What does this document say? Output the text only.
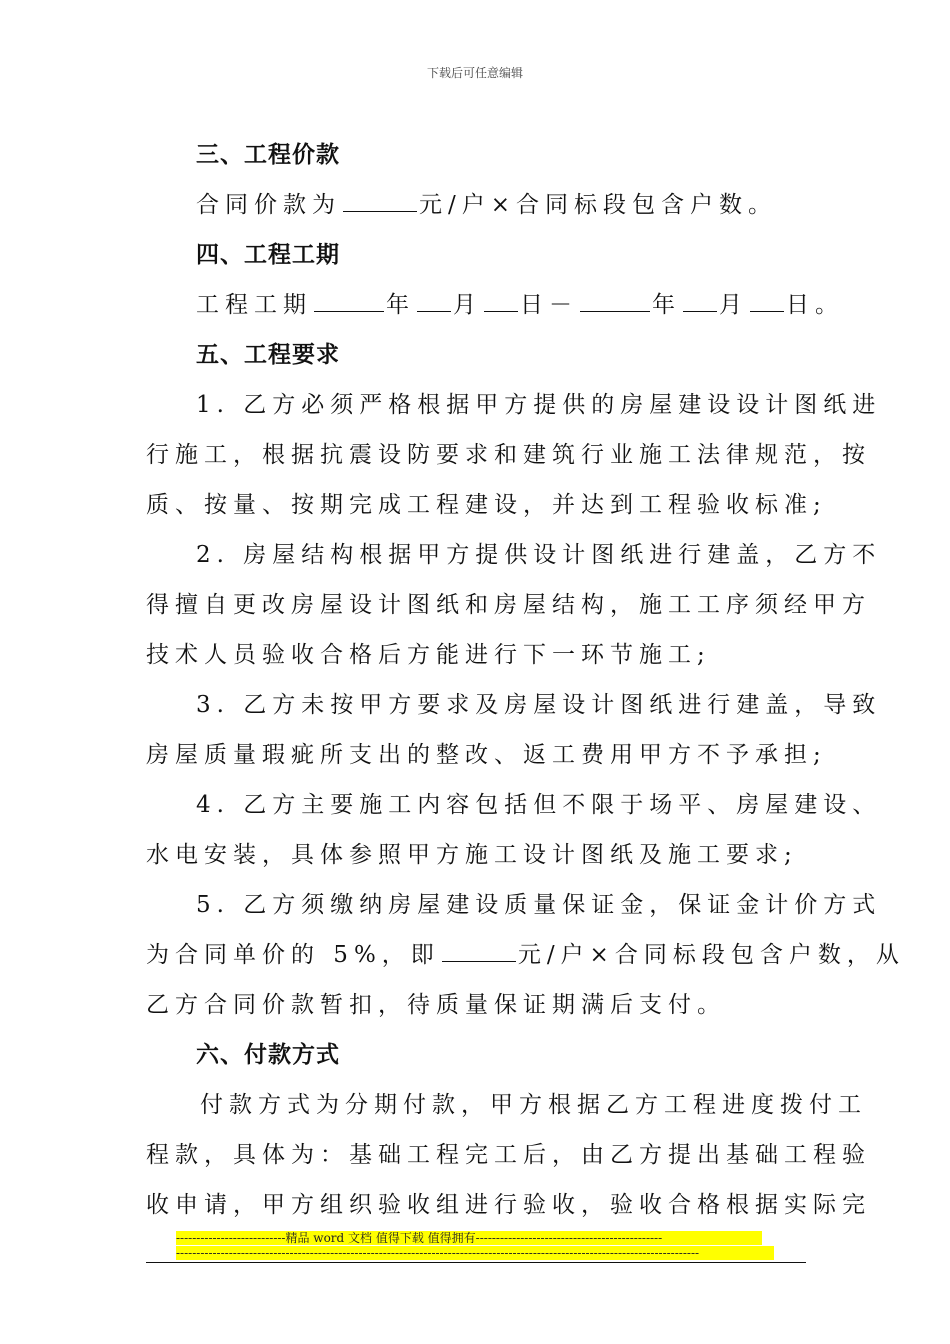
下载后可任意编辑
三、工程价款
合同价款为	元/户×合同标段包含户数。
四、工程工期
工程工期	年 月 日－	年 月 日。
五、工程要求
1. 乙方必须严格根据甲方提供的房屋建设设计图纸进
行施工，根据抗震设防要求和建筑行业施工法律规范，按
质、按量、按期完成工程建设，并达到工程验收标准;
2. 房屋结构根据甲方提供设计图纸进行建盖，乙方不
得擅自更改房屋设计图纸和房屋结构，施工工序须经甲方
技术人员验收合格后方能进行下一环节施工;
3. 乙方未按甲方要求及房屋设计图纸进行建盖，导致
房屋质量瑕疵所支出的整改、返工费用甲方不予承担;
4. 乙方主要施工内容包括但不限于场平、房屋建设、
水电安装，具体参照甲方施工设计图纸及施工要求;
5. 乙方须缴纳房屋建设质量保证金，保证金计价方式
为合同单价的 5%，即	元/户×合同标段包含户数，从
乙方合同价款暂扣，待质量保证期满后支付。
六、付款方式
付款方式为分期付款，甲方根据乙方工程进度拨付工
程款，具体为：基础工程完工后，由乙方提出基础工程验
收申请，甲方组织验收组进行验收，验收合格根据实际完
---------------------------精品 word 文档 值得下载 值得拥有----------------------------------------------
---------------------------------------------------------------------------------------------------------------------------------
